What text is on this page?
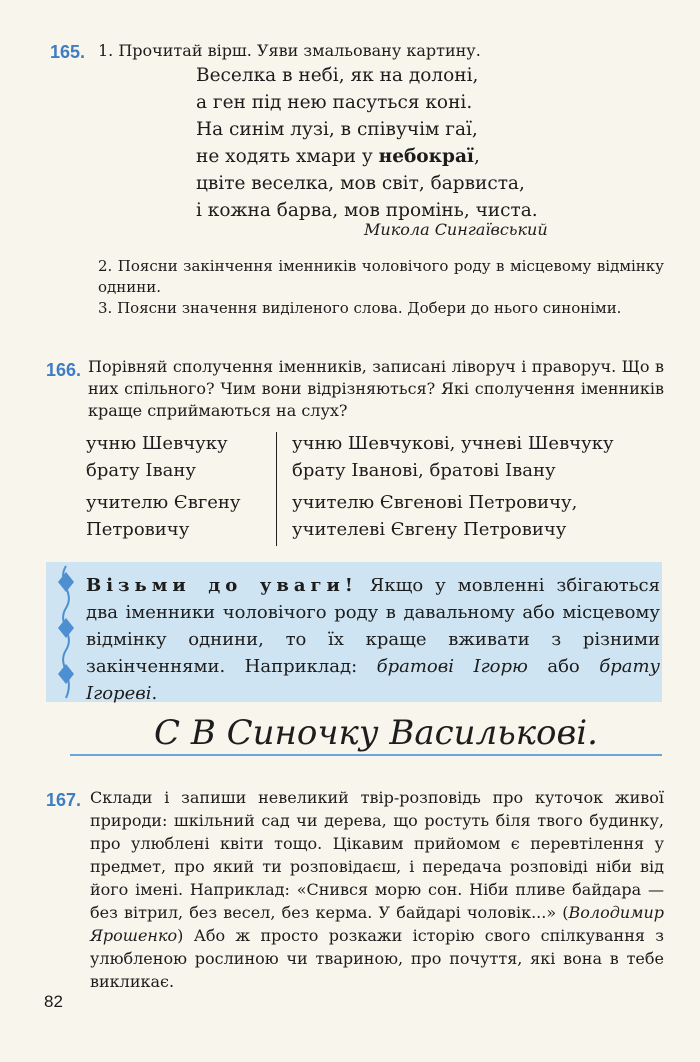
165. 1. Прочитай вірш. Уяви змальовану картину.
Веселка в небі, як на долоні,
а ген під нею пасуться коні.
На синім лузі, в співучім гаї,
не ходять хмари у небокраї,
цвіте веселка, мов світ, барвиста,
і кожна барва, мов промінь, чиста.
Микола Сингаївський
2. Поясни закінчення іменників чоловічого роду в місцевому відмінку однини.
3. Поясни значення виділеного слова. Добери до нього синоніми.
166. Порівняй сполучення іменників, записані ліворуч і праворуч. Що в них спільного? Чим вони відрізняються? Які сполучення іменників краще сприймаються на слух?
учню Шевчуку
брату Івану
учителю Євгену
Петровичу
учню Шевчукові, учневі Шевчуку
брату Іванові, братові Івану
учителю Євгенові Петровичу,
учителеві Євгену Петровичу
Візьми до уваги! Якщо у мовленні збігаються два іменники чоловічого роду в давальному або місцевому відмінку однини, то їх краще вживати з різними закінченнями. Наприклад: братові Ігорю або брату Ігореві.
С В Синочку Васильковi.
167. Склади і запиши невеликий твір-розповідь про куточок живої природи: шкільний сад чи дерева, що ростуть біля твого будинку, про улюблені квіти тощо. Цікавим прийомом є перевтілення у предмет, про який ти розповідаєш, і передача розповіді ніби від його імені. Наприклад: «Снився морю сон. Ніби пливе байдара — без вітрил, без весел, без керма. У байдарі чоловік...» (Володимир Ярошенко) Або ж просто розкажи історію свого спілкування з улюбленою рослиною чи твариною, про почуття, які вона в тебе викликає.
82
